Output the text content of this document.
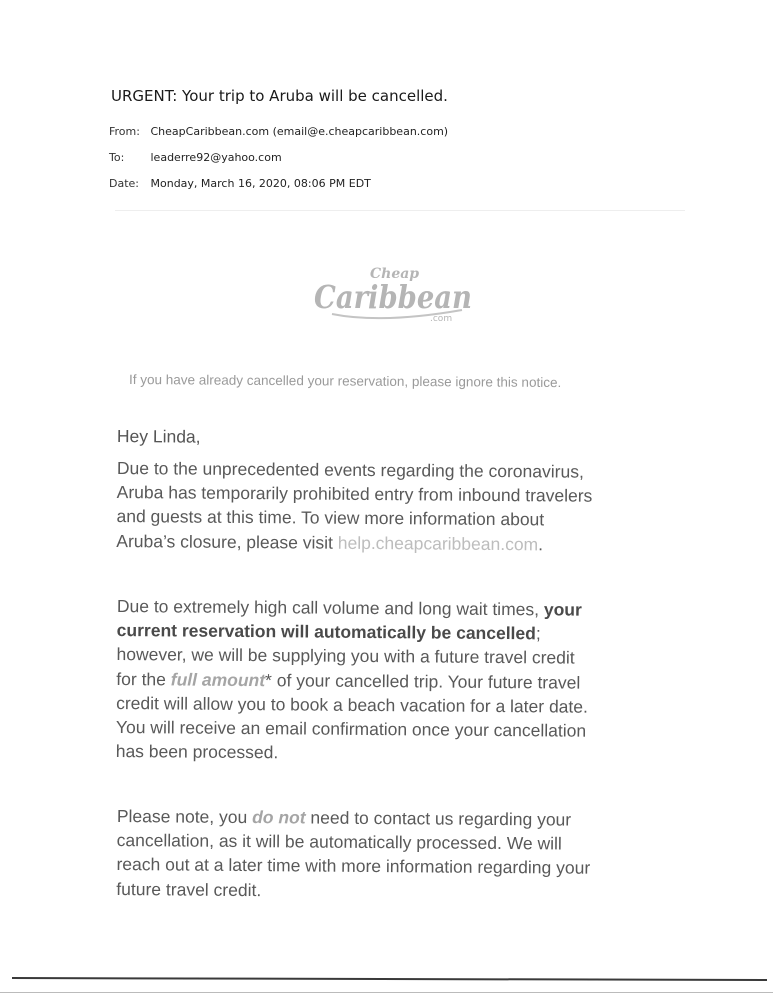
URGENT: Your trip to Aruba will be cancelled.
From: CheapCaribbean.com (email@e.cheapcaribbean.com)
To: leaderre92@yahoo.com
Date: Monday, March 16, 2020, 08:06 PM EDT
Cheap
Caribbean
.com
If you have already cancelled your reservation, please ignore this notice.
Hey Linda,
Due to the unprecedented events regarding the coronavirus,
Aruba has temporarily prohibited entry from inbound travelers
and guests at this time. To view more information about
Aruba’s closure, please visit help.cheapcaribbean.com.
Due to extremely high call volume and long wait times, your
current reservation will automatically be cancelled;
however, we will be supplying you with a future travel credit
for the full amount* of your cancelled trip. Your future travel
credit will allow you to book a beach vacation for a later date.
You will receive an email confirmation once your cancellation
has been processed.
Please note, you do not need to contact us regarding your
cancellation, as it will be automatically processed. We will
reach out at a later time with more information regarding your
future travel credit.
